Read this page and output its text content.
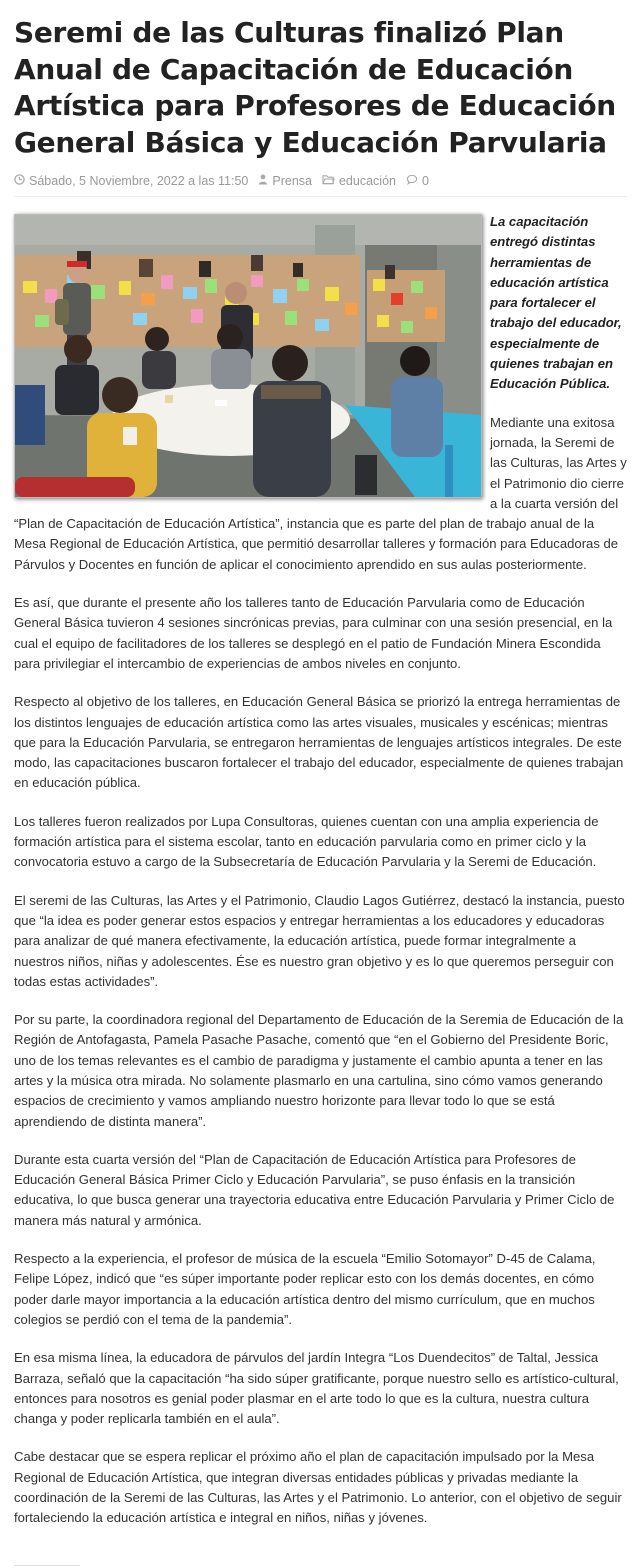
Seremi de las Culturas finalizó Plan Anual de Capacitación de Educación Artística para Profesores de Educación General Básica y Educación Parvularia
Sábado, 5 Noviembre, 2022 a las 11:50 Prensa educación 0

La capacitación entregó distintas herramientas de educación artística para fortalecer el trabajo del educador, especialmente de quienes trabajan en Educación Pública.

Mediante una exitosa jornada, la Seremi de las Culturas, las Artes y el Patrimonio dio cierre a la cuarta versión del “Plan de Capacitación de Educación Artística”, instancia que es parte del plan de trabajo anual de la Mesa Regional de Educación Artística, que permitió desarrollar talleres y formación para Educadoras de Párvulos y Docentes en función de aplicar el conocimiento aprendido en sus aulas posteriormente.

Es así, que durante el presente año los talleres tanto de Educación Parvularia como de Educación General Básica tuvieron 4 sesiones sincrónicas previas, para culminar con una sesión presencial, en la cual el equipo de facilitadores de los talleres se desplegó en el patio de Fundación Minera Escondida para privilegiar el intercambio de experiencias de ambos niveles en conjunto.

Respecto al objetivo de los talleres, en Educación General Básica se priorizó la entrega herramientas de los distintos lenguajes de educación artística como las artes visuales, musicales y escénicas; mientras que para la Educación Parvularia, se entregaron herramientas de lenguajes artísticos integrales. De este modo, las capacitaciones buscaron fortalecer el trabajo del educador, especialmente de quienes trabajan en educación pública.

Los talleres fueron realizados por Lupa Consultoras, quienes cuentan con una amplia experiencia de formación artística para el sistema escolar, tanto en educación parvularia como en primer ciclo y la convocatoria estuvo a cargo de la Subsecretaría de Educación Parvularia y la Seremi de Educación.

El seremi de las Culturas, las Artes y el Patrimonio, Claudio Lagos Gutiérrez, destacó la instancia, puesto que “la idea es poder generar estos espacios y entregar herramientas a los educadores y educadoras para analizar de qué manera efectivamente, la educación artística, puede formar integralmente a nuestros niños, niñas y adolescentes. Ése es nuestro gran objetivo y es lo que queremos perseguir con todas estas actividades”.

Por su parte, la coordinadora regional del Departamento de Educación de la Seremia de Educación de la Región de Antofagasta, Pamela Pasache Pasache, comentó que “en el Gobierno del Presidente Boric, uno de los temas relevantes es el cambio de paradigma y justamente el cambio apunta a tener en las artes y la música otra mirada. No solamente plasmarlo en una cartulina, sino cómo vamos generando espacios de crecimiento y vamos ampliando nuestro horizonte para llevar todo lo que se está aprendiendo de distinta manera”.

Durante esta cuarta versión del “Plan de Capacitación de Educación Artística para Profesores de Educación General Básica Primer Ciclo y Educación Parvularia”, se puso énfasis en la transición educativa, lo que busca generar una trayectoria educativa entre Educación Parvularia y Primer Ciclo de manera más natural y armónica.

Respecto a la experiencia, el profesor de música de la escuela “Emilio Sotomayor” D-45 de Calama, Felipe López, indicó que “es súper importante poder replicar esto con los demás docentes, en cómo poder darle mayor importancia a la educación artística dentro del mismo currículum, que en muchos colegios se perdió con el tema de la pandemia”.

En esa misma línea, la educadora de párvulos del jardín Integra “Los Duendecitos” de Taltal, Jessica Barraza, señaló que la capacitación “ha sido súper gratificante, porque nuestro sello es artístico-cultural, entonces para nosotros es genial poder plasmar en el arte todo lo que es la cultura, nuestra cultura changa y poder replicarla también en el aula”.

Cabe destacar que se espera replicar el próximo año el plan de capacitación impulsado por la Mesa Regional de Educación Artística, que integran diversas entidades públicas y privadas mediante la coordinación de la Seremi de las Culturas, las Artes y el Patrimonio. Lo anterior, con el objetivo de seguir fortaleciendo la educación artística e integral en niños, niñas y jóvenes.
